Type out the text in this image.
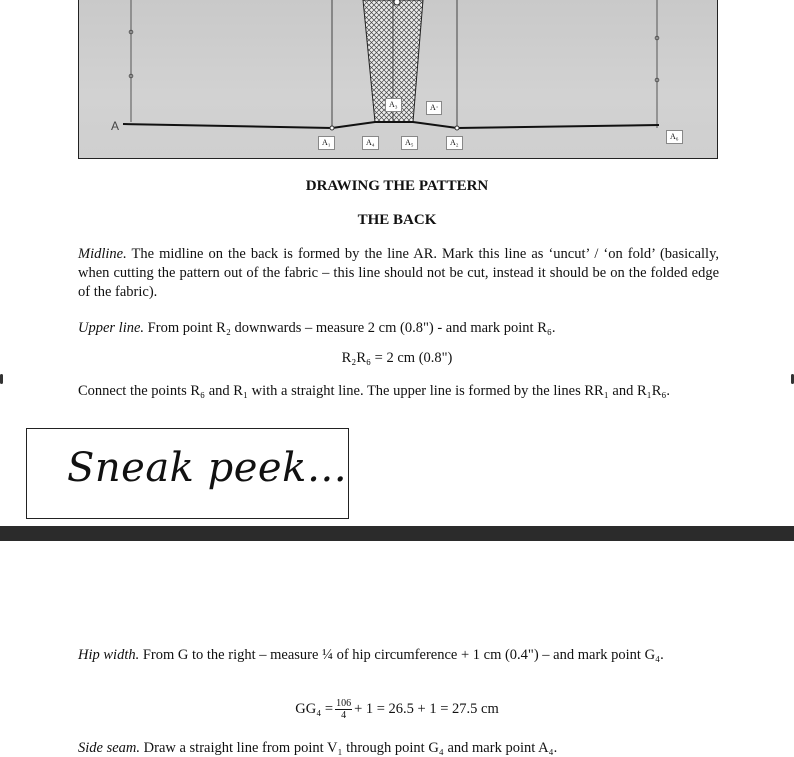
A
A₃	A·
A₁	A₄	A₅	A₂
A₆
DRAWING THE PATTERN
THE BACK
Midline. The midline on the back is formed by the line AR. Mark this line as ‘uncut’ / ‘on fold’ (basically, when cutting the pattern out of the fabric – this line should not be cut, instead it should be on the folded edge of the fabric).
Upper line. From point R₂ downwards – measure 2 cm (0.8") - and mark point R₆.
R₂R₆ = 2 cm (0.8")
Connect the points R₆ and R₁ with a straight line. The upper line is formed by the lines RR₁ and R₁R₆.
Sneak peek…
Hip width. From G to the right – measure ¼ of hip circumference + 1 cm (0.4") – and mark point G₄.
$GG_4 = \frac{106}{4} + 1 = 26.5 + 1 = 27.5$ cm
Side seam. Draw a straight line from point V₁ through point G₄ and mark point A₄.
